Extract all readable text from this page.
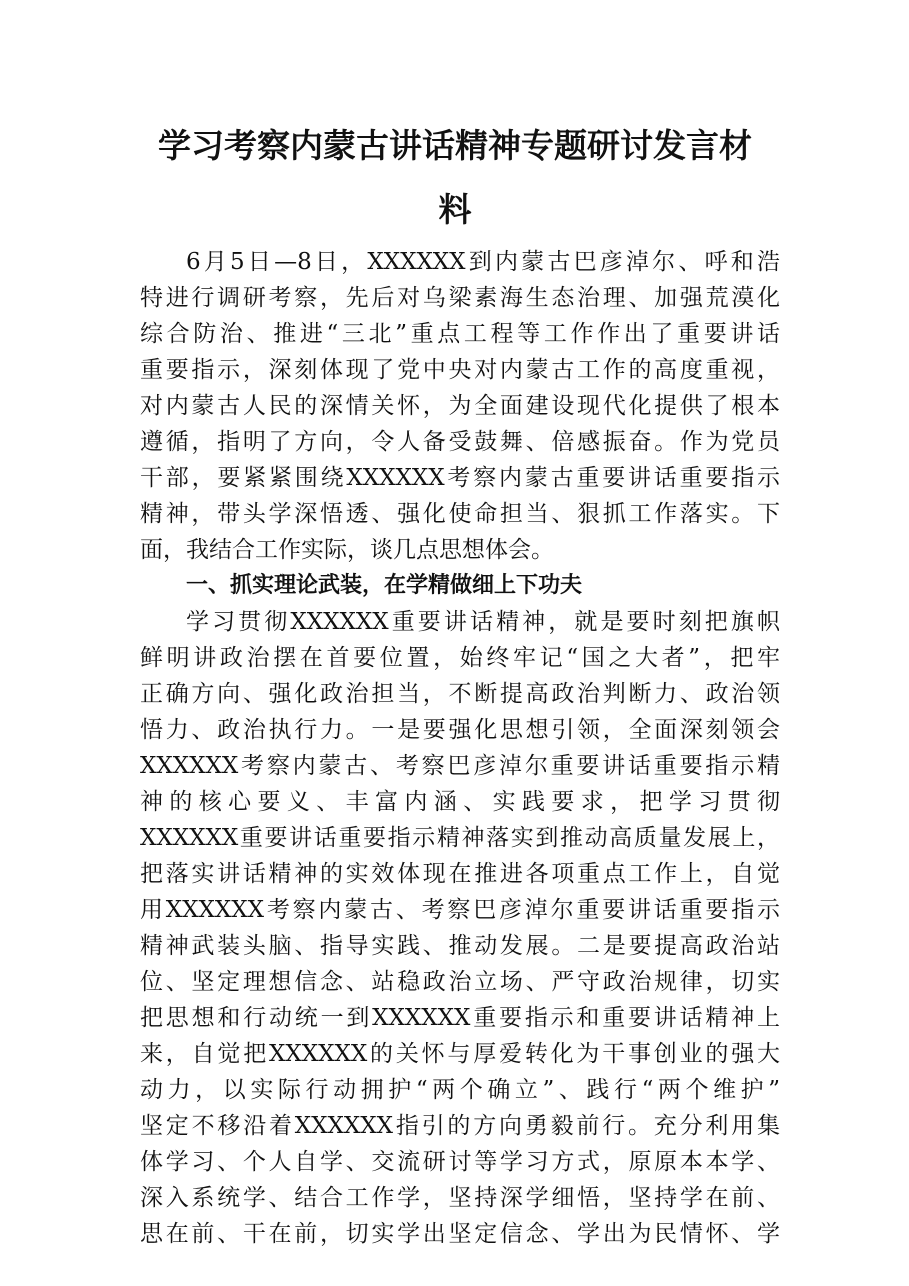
学习考察内蒙古讲话精神专题研讨发言材
料
6月5日—8日，XXXXXX到内蒙古巴彦淖尔、呼和浩
特进行调研考察，先后对乌梁素海生态治理、加强荒漠化
综合防治、推进“三北”重点工程等工作作出了重要讲话
重要指示，深刻体现了党中央对内蒙古工作的高度重视，
对内蒙古人民的深情关怀，为全面建设现代化提供了根本
遵循，指明了方向，令人备受鼓舞、倍感振奋。作为党员
干部，要紧紧围绕XXXXXX考察内蒙古重要讲话重要指示
精神，带头学深悟透、强化使命担当、狠抓工作落实。下
面，我结合工作实际，谈几点思想体会。
一、抓实理论武装，在学精做细上下功夫
学习贯彻XXXXXX重要讲话精神，就是要时刻把旗帜
鲜明讲政治摆在首要位置，始终牢记“国之大者”，把牢
正确方向、强化政治担当，不断提高政治判断力、政治领
悟力、政治执行力。一是要强化思想引领，全面深刻领会
XXXXXX考察内蒙古、考察巴彦淖尔重要讲话重要指示精
神的核心要义、丰富内涵、实践要求，把学习贯彻
XXXXXX重要讲话重要指示精神落实到推动高质量发展上，
把落实讲话精神的实效体现在推进各项重点工作上，自觉
用XXXXXX考察内蒙古、考察巴彦淖尔重要讲话重要指示
精神武装头脑、指导实践、推动发展。二是要提高政治站
位、坚定理想信念、站稳政治立场、严守政治规律，切实
把思想和行动统一到XXXXXX重要指示和重要讲话精神上
来，自觉把XXXXXX的关怀与厚爱转化为干事创业的强大
动力，以实际行动拥护“两个确立”、践行“两个维护”
坚定不移沿着XXXXXX指引的方向勇毅前行。充分利用集
体学习、个人自学、交流研讨等学习方式，原原本本学、
深入系统学、结合工作学，坚持深学细悟，坚持学在前、
思在前、干在前，切实学出坚定信念、学出为民情怀、学
